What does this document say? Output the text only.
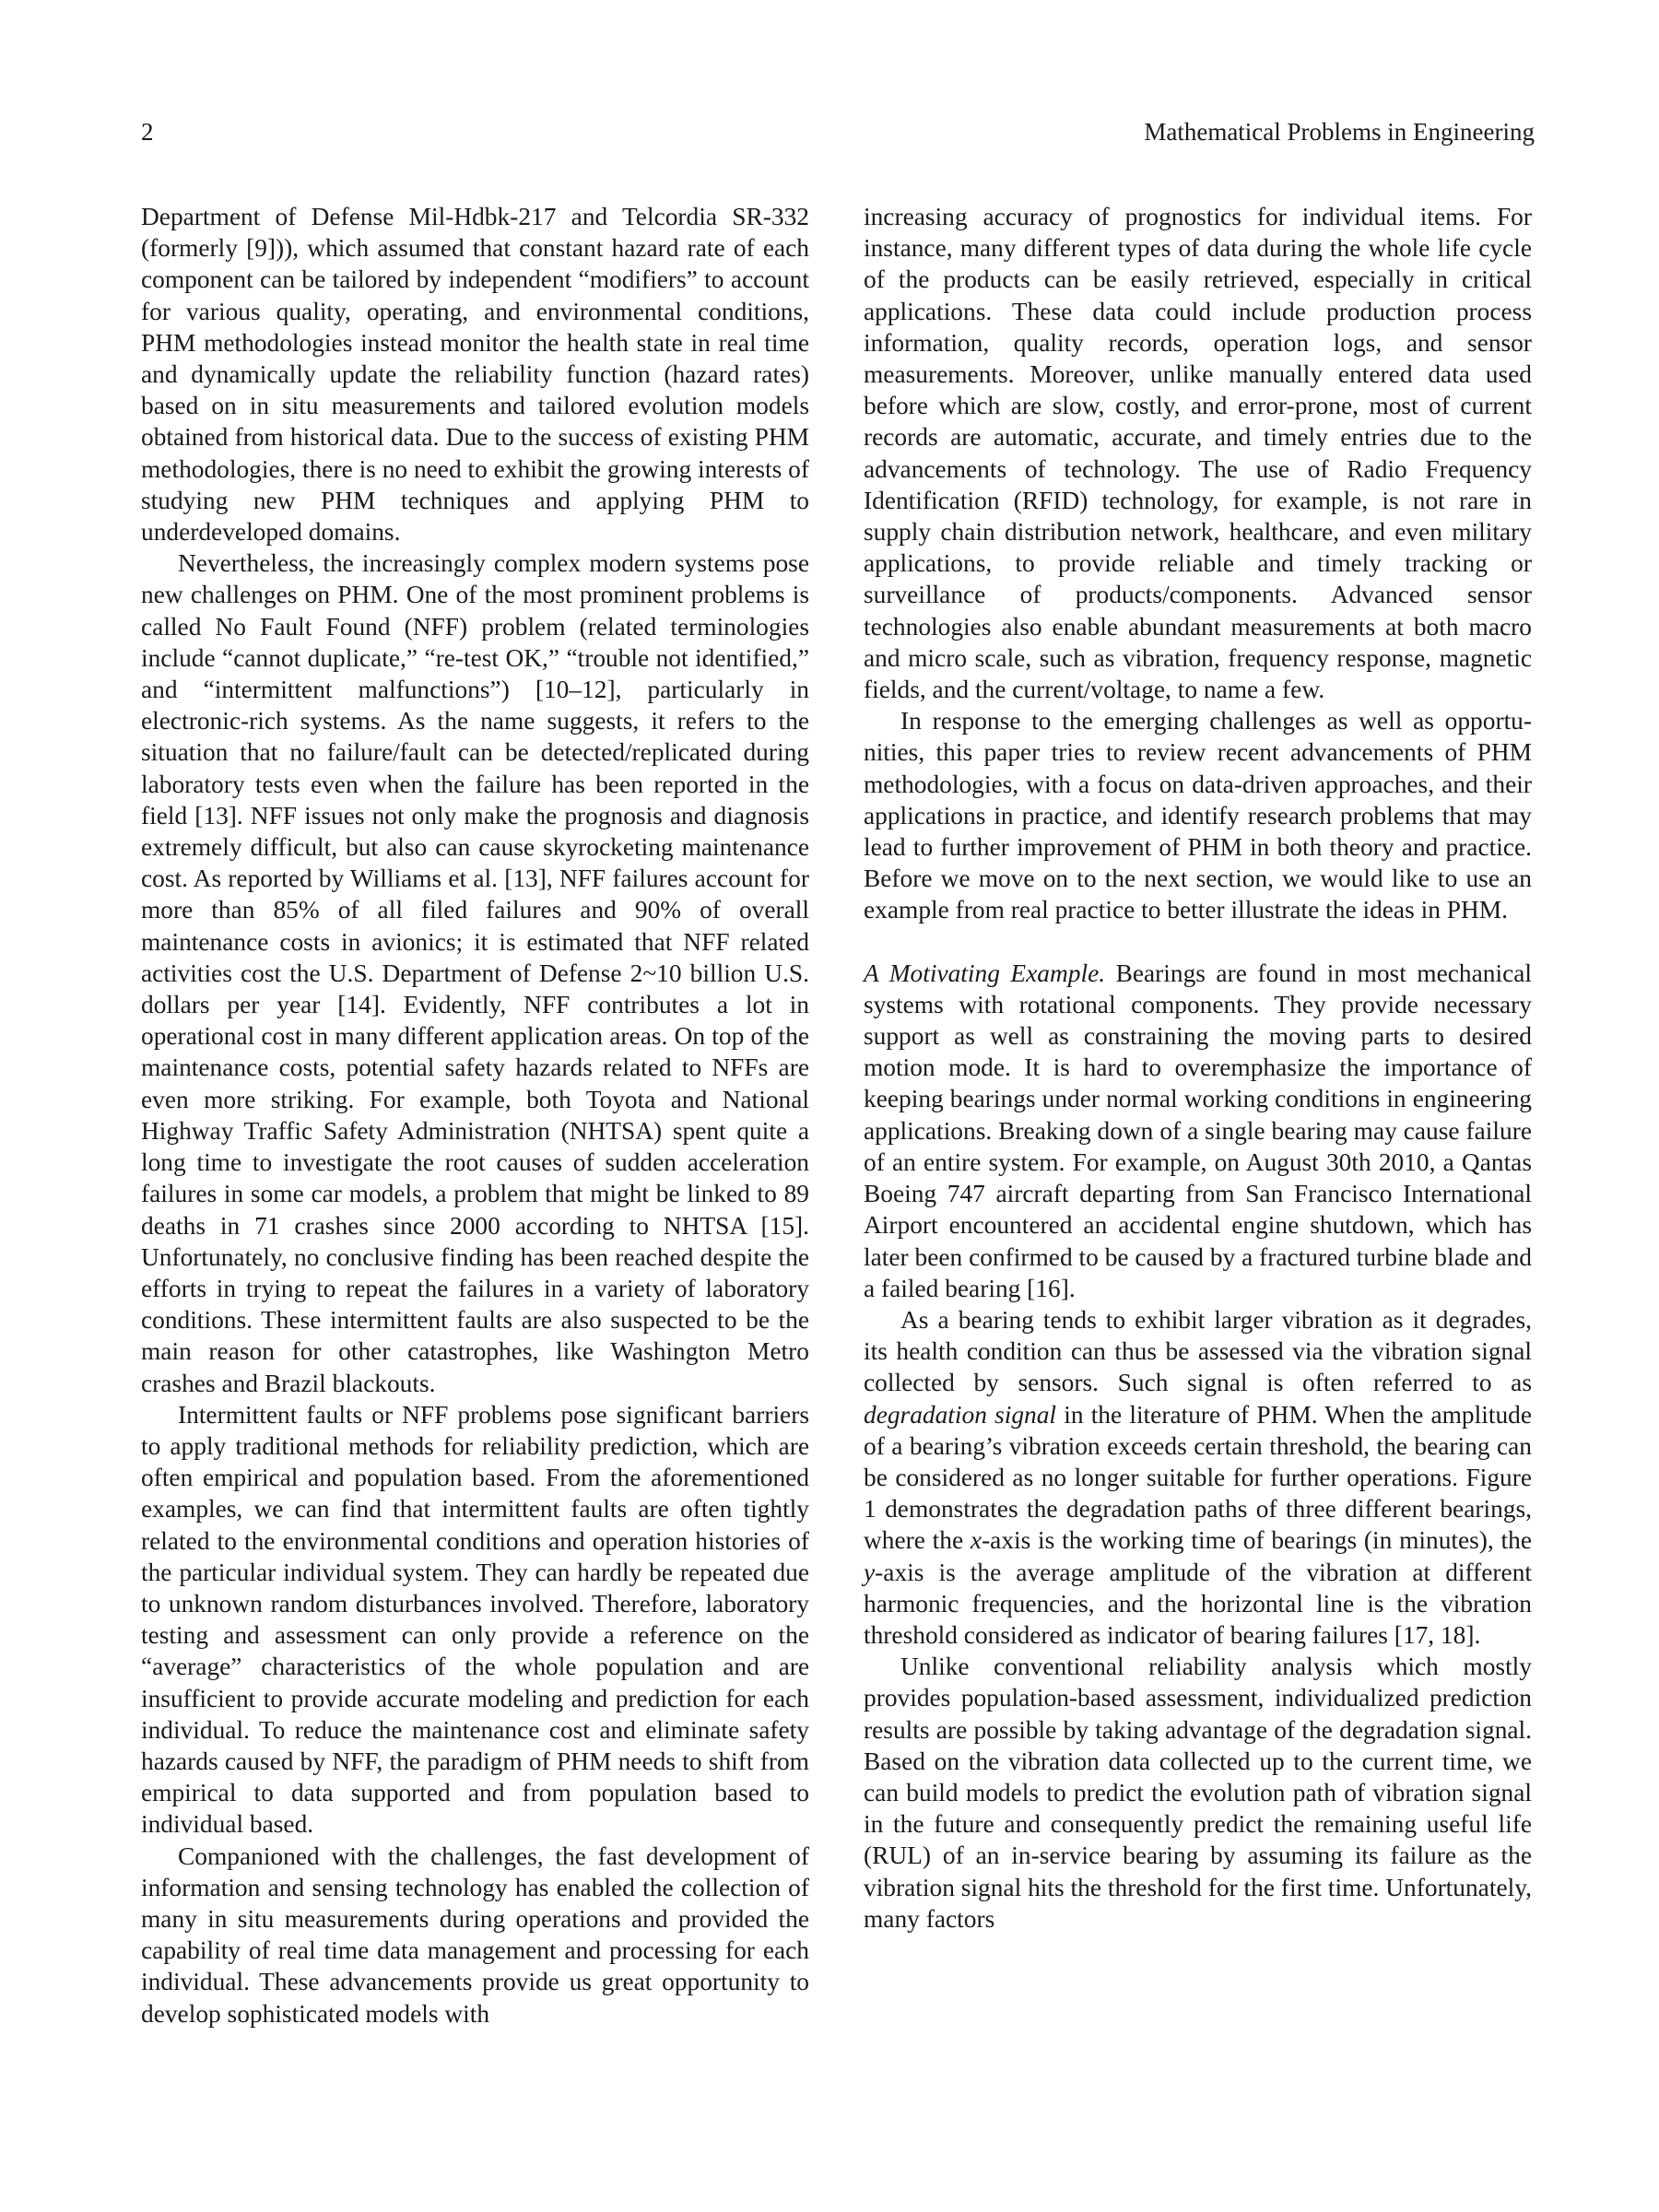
2	Mathematical Problems in Engineering

Department of Defense Mil-Hdbk-217 and Telcordia SR-332 (formerly [9])), which assumed that constant hazard rate of each component can be tailored by independent “modifiers” to account for various quality, operating, and environmental conditions, PHM methodologies instead monitor the health state in real time and dynamically update the reliability function (hazard rates) based on in situ measurements and tailored evolution models obtained from historical data. Due to the success of existing PHM methodologies, there is no need to exhibit the growing interests of studying new PHM techniques and applying PHM to underdeveloped domains.

Nevertheless, the increasingly complex modern systems pose new challenges on PHM. One of the most prominent problems is called No Fault Found (NFF) problem (related terminologies include “cannot duplicate,” “re-test OK,” “trouble not identified,” and “intermittent malfunctions”) [10–12], particularly in electronic-rich systems. As the name suggests, it refers to the situation that no failure/fault can be detected/replicated during laboratory tests even when the failure has been reported in the field [13]. NFF issues not only make the prognosis and diagnosis extremely difficult, but also can cause skyrocketing maintenance cost. As reported by Williams et al. [13], NFF failures account for more than 85% of all filed failures and 90% of overall maintenance costs in avionics; it is estimated that NFF related activities cost the U.S. Department of Defense 2~10 billion U.S. dollars per year [14]. Evidently, NFF contributes a lot in operational cost in many different application areas. On top of the maintenance costs, potential safety hazards related to NFFs are even more striking. For example, both Toyota and National Highway Traffic Safety Administration (NHTSA) spent quite a long time to investigate the root causes of sudden acceleration failures in some car models, a problem that might be linked to 89 deaths in 71 crashes since 2000 according to NHTSA [15]. Unfortunately, no conclusive finding has been reached despite the efforts in trying to repeat the failures in a variety of laboratory conditions. These intermittent faults are also suspected to be the main reason for other catastrophes, like Washington Metro crashes and Brazil blackouts.

Intermittent faults or NFF problems pose significant barriers to apply traditional methods for reliability prediction, which are often empirical and population based. From the aforementioned examples, we can find that intermittent faults are often tightly related to the environmental conditions and operation histories of the particular individual system. They can hardly be repeated due to unknown random disturbances involved. Therefore, laboratory testing and assessment can only provide a reference on the “average” characteristics of the whole population and are insufficient to provide accurate modeling and prediction for each individual. To reduce the maintenance cost and eliminate safety hazards caused by NFF, the paradigm of PHM needs to shift from empirical to data supported and from population based to individual based.

Companioned with the challenges, the fast development of information and sensing technology has enabled the collection of many in situ measurements during operations and provided the capability of real time data management and processing for each individual. These advancements provide us great opportunity to develop sophisticated models with

increasing accuracy of prognostics for individual items. For instance, many different types of data during the whole life cycle of the products can be easily retrieved, especially in critical applications. These data could include production process information, quality records, operation logs, and sensor measurements. Moreover, unlike manually entered data used before which are slow, costly, and error-prone, most of current records are automatic, accurate, and timely entries due to the advancements of technology. The use of Radio Frequency Identification (RFID) technology, for example, is not rare in supply chain distribution network, healthcare, and even military applications, to provide reliable and timely tracking or surveillance of products/components. Advanced sensor technologies also enable abundant measurements at both macro and micro scale, such as vibration, frequency response, magnetic fields, and the current/voltage, to name a few.

In response to the emerging challenges as well as opportunities, this paper tries to review recent advancements of PHM methodologies, with a focus on data-driven approaches, and their applications in practice, and identify research problems that may lead to further improvement of PHM in both theory and practice. Before we move on to the next section, we would like to use an example from real practice to better illustrate the ideas in PHM.

A Motivating Example. Bearings are found in most mechanical systems with rotational components. They provide necessary support as well as constraining the moving parts to desired motion mode. It is hard to overemphasize the importance of keeping bearings under normal working conditions in engineering applications. Breaking down of a single bearing may cause failure of an entire system. For example, on August 30th 2010, a Qantas Boeing 747 aircraft departing from San Francisco International Airport encountered an accidental engine shutdown, which has later been confirmed to be caused by a fractured turbine blade and a failed bearing [16].

As a bearing tends to exhibit larger vibration as it degrades, its health condition can thus be assessed via the vibration signal collected by sensors. Such signal is often referred to as degradation signal in the literature of PHM. When the amplitude of a bearing’s vibration exceeds certain threshold, the bearing can be considered as no longer suitable for further operations. Figure 1 demonstrates the degradation paths of three different bearings, where the x-axis is the working time of bearings (in minutes), the y-axis is the average amplitude of the vibration at different harmonic frequencies, and the horizontal line is the vibration threshold considered as indicator of bearing failures [17, 18].

Unlike conventional reliability analysis which mostly provides population-based assessment, individualized prediction results are possible by taking advantage of the degradation signal. Based on the vibration data collected up to the current time, we can build models to predict the evolution path of vibration signal in the future and consequently predict the remaining useful life (RUL) of an in-service bearing by assuming its failure as the vibration signal hits the threshold for the first time. Unfortunately, many factors
